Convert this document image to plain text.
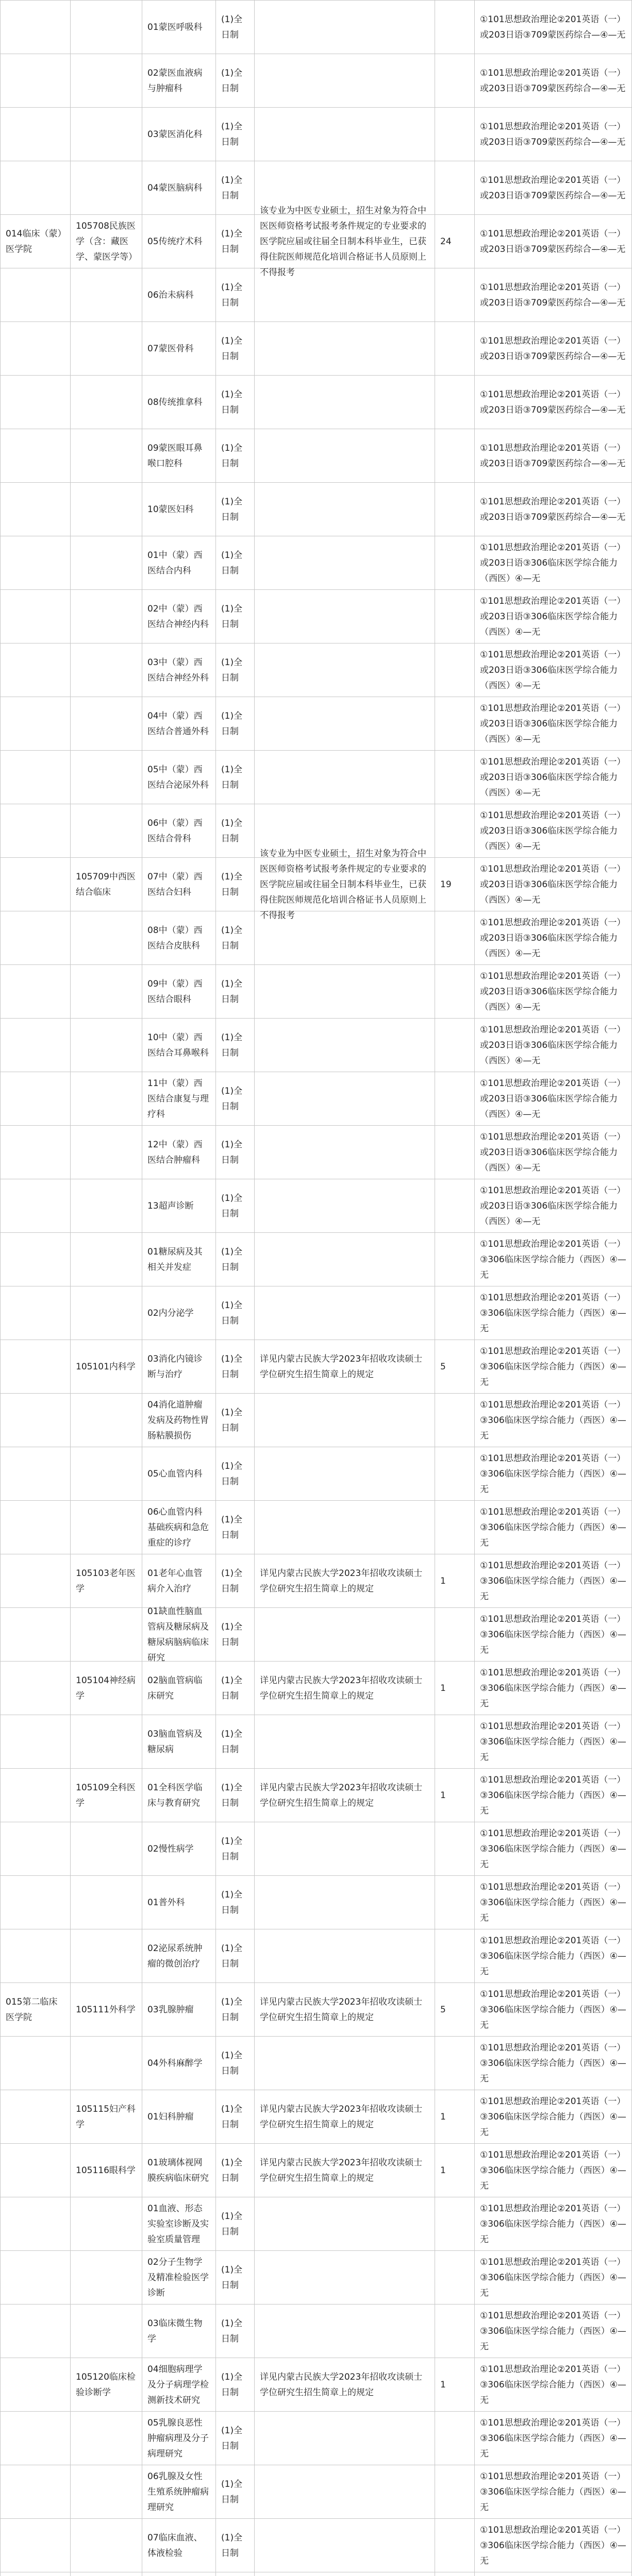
01蒙医呼吸科
(1)全日制
①101思想政治理论②201英语（一）或203日语③709蒙医药综合—④—无
02蒙医血液病与肿瘤科
(1)全日制
①101思想政治理论②201英语（一）或203日语③709蒙医药综合—④—无
03蒙医消化科
(1)全日制
①101思想政治理论②201英语（一）或203日语③709蒙医药综合—④—无
04蒙医脑病科
(1)全日制
①101思想政治理论②201英语（一）或203日语③709蒙医药综合—④—无
014临床（蒙）医学院
105708民族医学（含：藏医学、蒙医学等）
05传统疗术科
(1)全日制
该专业为中医专业硕士，招生对象为符合中医医师资格考试报考条件规定的专业要求的医学院应届或往届全日制本科毕业生，已获得住院医师规范化培训合格证书人员原则上不得报考
24
①101思想政治理论②201英语（一）或203日语③709蒙医药综合—④—无
06治未病科
(1)全日制
①101思想政治理论②201英语（一）或203日语③709蒙医药综合—④—无
07蒙医骨科
(1)全日制
①101思想政治理论②201英语（一）或203日语③709蒙医药综合—④—无
08传统推拿科
(1)全日制
①101思想政治理论②201英语（一）或203日语③709蒙医药综合—④—无
09蒙医眼耳鼻喉口腔科
(1)全日制
①101思想政治理论②201英语（一）或203日语③709蒙医药综合—④—无
10蒙医妇科
(1)全日制
①101思想政治理论②201英语（一）或203日语③709蒙医药综合—④—无
01中（蒙）西医结合内科
(1)全日制
①101思想政治理论②201英语（一）或203日语③306临床医学综合能力（西医）④—无
02中（蒙）西医结合神经内科
(1)全日制
①101思想政治理论②201英语（一）或203日语③306临床医学综合能力（西医）④—无
03中（蒙）西医结合神经外科
(1)全日制
①101思想政治理论②201英语（一）或203日语③306临床医学综合能力（西医）④—无
04中（蒙）西医结合普通外科
(1)全日制
①101思想政治理论②201英语（一）或203日语③306临床医学综合能力（西医）④—无
05中（蒙）西医结合泌尿外科
(1)全日制
①101思想政治理论②201英语（一）或203日语③306临床医学综合能力（西医）④—无
06中（蒙）西医结合骨科
(1)全日制
①101思想政治理论②201英语（一）或203日语③306临床医学综合能力（西医）④—无
105709中西医结合临床
07中（蒙）西医结合妇科
(1)全日制
该专业为中医专业硕士，招生对象为符合中医医师资格考试报考条件规定的专业要求的医学院应届或往届全日制本科毕业生，已获得住院医师规范化培训合格证书人员原则上不得报考
19
①101思想政治理论②201英语（一）或203日语③306临床医学综合能力（西医）④—无
08中（蒙）西医结合皮肤科
(1)全日制
①101思想政治理论②201英语（一）或203日语③306临床医学综合能力（西医）④—无
09中（蒙）西医结合眼科
(1)全日制
①101思想政治理论②201英语（一）或203日语③306临床医学综合能力（西医）④—无
10中（蒙）西医结合耳鼻喉科
(1)全日制
①101思想政治理论②201英语（一）或203日语③306临床医学综合能力（西医）④—无
11中（蒙）西医结合康复与理疗科
(1)全日制
①101思想政治理论②201英语（一）或203日语③306临床医学综合能力（西医）④—无
12中（蒙）西医结合肿瘤科
(1)全日制
①101思想政治理论②201英语（一）或203日语③306临床医学综合能力（西医）④—无
13超声诊断
(1)全日制
①101思想政治理论②201英语（一）或203日语③306临床医学综合能力（西医）④—无
01糖尿病及其相关并发症
(1)全日制
①101思想政治理论②201英语（一）③306临床医学综合能力（西医）④—无
02内分泌学
(1)全日制
①101思想政治理论②201英语（一）③306临床医学综合能力（西医）④—无
105101内科学
03消化内镜诊断与治疗
(1)全日制
详见内蒙古民族大学2023年招收攻读硕士学位研究生招生简章上的规定
5
①101思想政治理论②201英语（一）③306临床医学综合能力（西医）④—无
04消化道肿瘤发病及药物性胃肠粘膜损伤
(1)全日制
①101思想政治理论②201英语（一）③306临床医学综合能力（西医）④—无
05心血管内科
(1)全日制
①101思想政治理论②201英语（一）③306临床医学综合能力（西医）④—无
06心血管内科基础疾病和急危重症的诊疗
(1)全日制
①101思想政治理论②201英语（一）③306临床医学综合能力（西医）④—无
105103老年医学
01老年心血管病介入治疗
(1)全日制
详见内蒙古民族大学2023年招收攻读硕士学位研究生招生简章上的规定
1
①101思想政治理论②201英语（一）③306临床医学综合能力（西医）④—无
01缺血性脑血管病及糖尿病及糖尿病脑病临床研究
(1)全日制
①101思想政治理论②201英语（一）③306临床医学综合能力（西医）④—无
105104神经病学
02脑血管病临床研究
(1)全日制
详见内蒙古民族大学2023年招收攻读硕士学位研究生招生简章上的规定
1
①101思想政治理论②201英语（一）③306临床医学综合能力（西医）④—无
03脑血管病及糖尿病
(1)全日制
①101思想政治理论②201英语（一）③306临床医学综合能力（西医）④—无
105109全科医学
01全科医学临床与教育研究
(1)全日制
详见内蒙古民族大学2023年招收攻读硕士学位研究生招生简章上的规定
1
①101思想政治理论②201英语（一）③306临床医学综合能力（西医）④—无
02慢性病学
(1)全日制
①101思想政治理论②201英语（一）③306临床医学综合能力（西医）④—无
01普外科
(1)全日制
①101思想政治理论②201英语（一）③306临床医学综合能力（西医）④—无
02泌尿系统肿瘤的微创治疗
(1)全日制
①101思想政治理论②201英语（一）③306临床医学综合能力（西医）④—无
015第二临床医学院
105111外科学	03乳腺肿瘤
(1)全日制
详见内蒙古民族大学2023年招收攻读硕士学位研究生招生简章上的规定
5
①101思想政治理论②201英语（一）③306临床医学综合能力（西医）④—无
04外科麻醉学
(1)全日制
①101思想政治理论②201英语（一）③306临床医学综合能力（西医）④—无
105115妇产科学
01妇科肿瘤
(1)全日制
详见内蒙古民族大学2023年招收攻读硕士学位研究生招生简章上的规定
1
①101思想政治理论②201英语（一）③306临床医学综合能力（西医）④—无
105116眼科学
01玻璃体视网膜疾病临床研究
(1)全日制
详见内蒙古民族大学2023年招收攻读硕士学位研究生招生简章上的规定
1
①101思想政治理论②201英语（一）③306临床医学综合能力（西医）④—无
01血液、形态实验室诊断及实验室质量管理
(1)全日制
①101思想政治理论②201英语（一）③306临床医学综合能力（西医）④—无
02分子生物学及精准检验医学诊断
(1)全日制
①101思想政治理论②201英语（一）③306临床医学综合能力（西医）④—无
03临床微生物学
(1)全日制
①101思想政治理论②201英语（一）③306临床医学综合能力（西医）④—无
105120临床检验诊断学
04细胞病理学及分子病理学检测新技术研究
(1)全日制
详见内蒙古民族大学2023年招收攻读硕士学位研究生招生简章上的规定
1
①101思想政治理论②201英语（一）③306临床医学综合能力（西医）④—无
05乳腺良恶性肿瘤病理及分子病理研究
(1)全日制
①101思想政治理论②201英语（一）③306临床医学综合能力（西医）④—无
06乳腺及女性生殖系统肿瘤病理研究
(1)全日制
①101思想政治理论②201英语（一）③306临床医学综合能力（西医）④—无
07临床血液、体液检验
(1)全日制
①101思想政治理论②201英语（一）③306临床医学综合能力（西医）④—无
